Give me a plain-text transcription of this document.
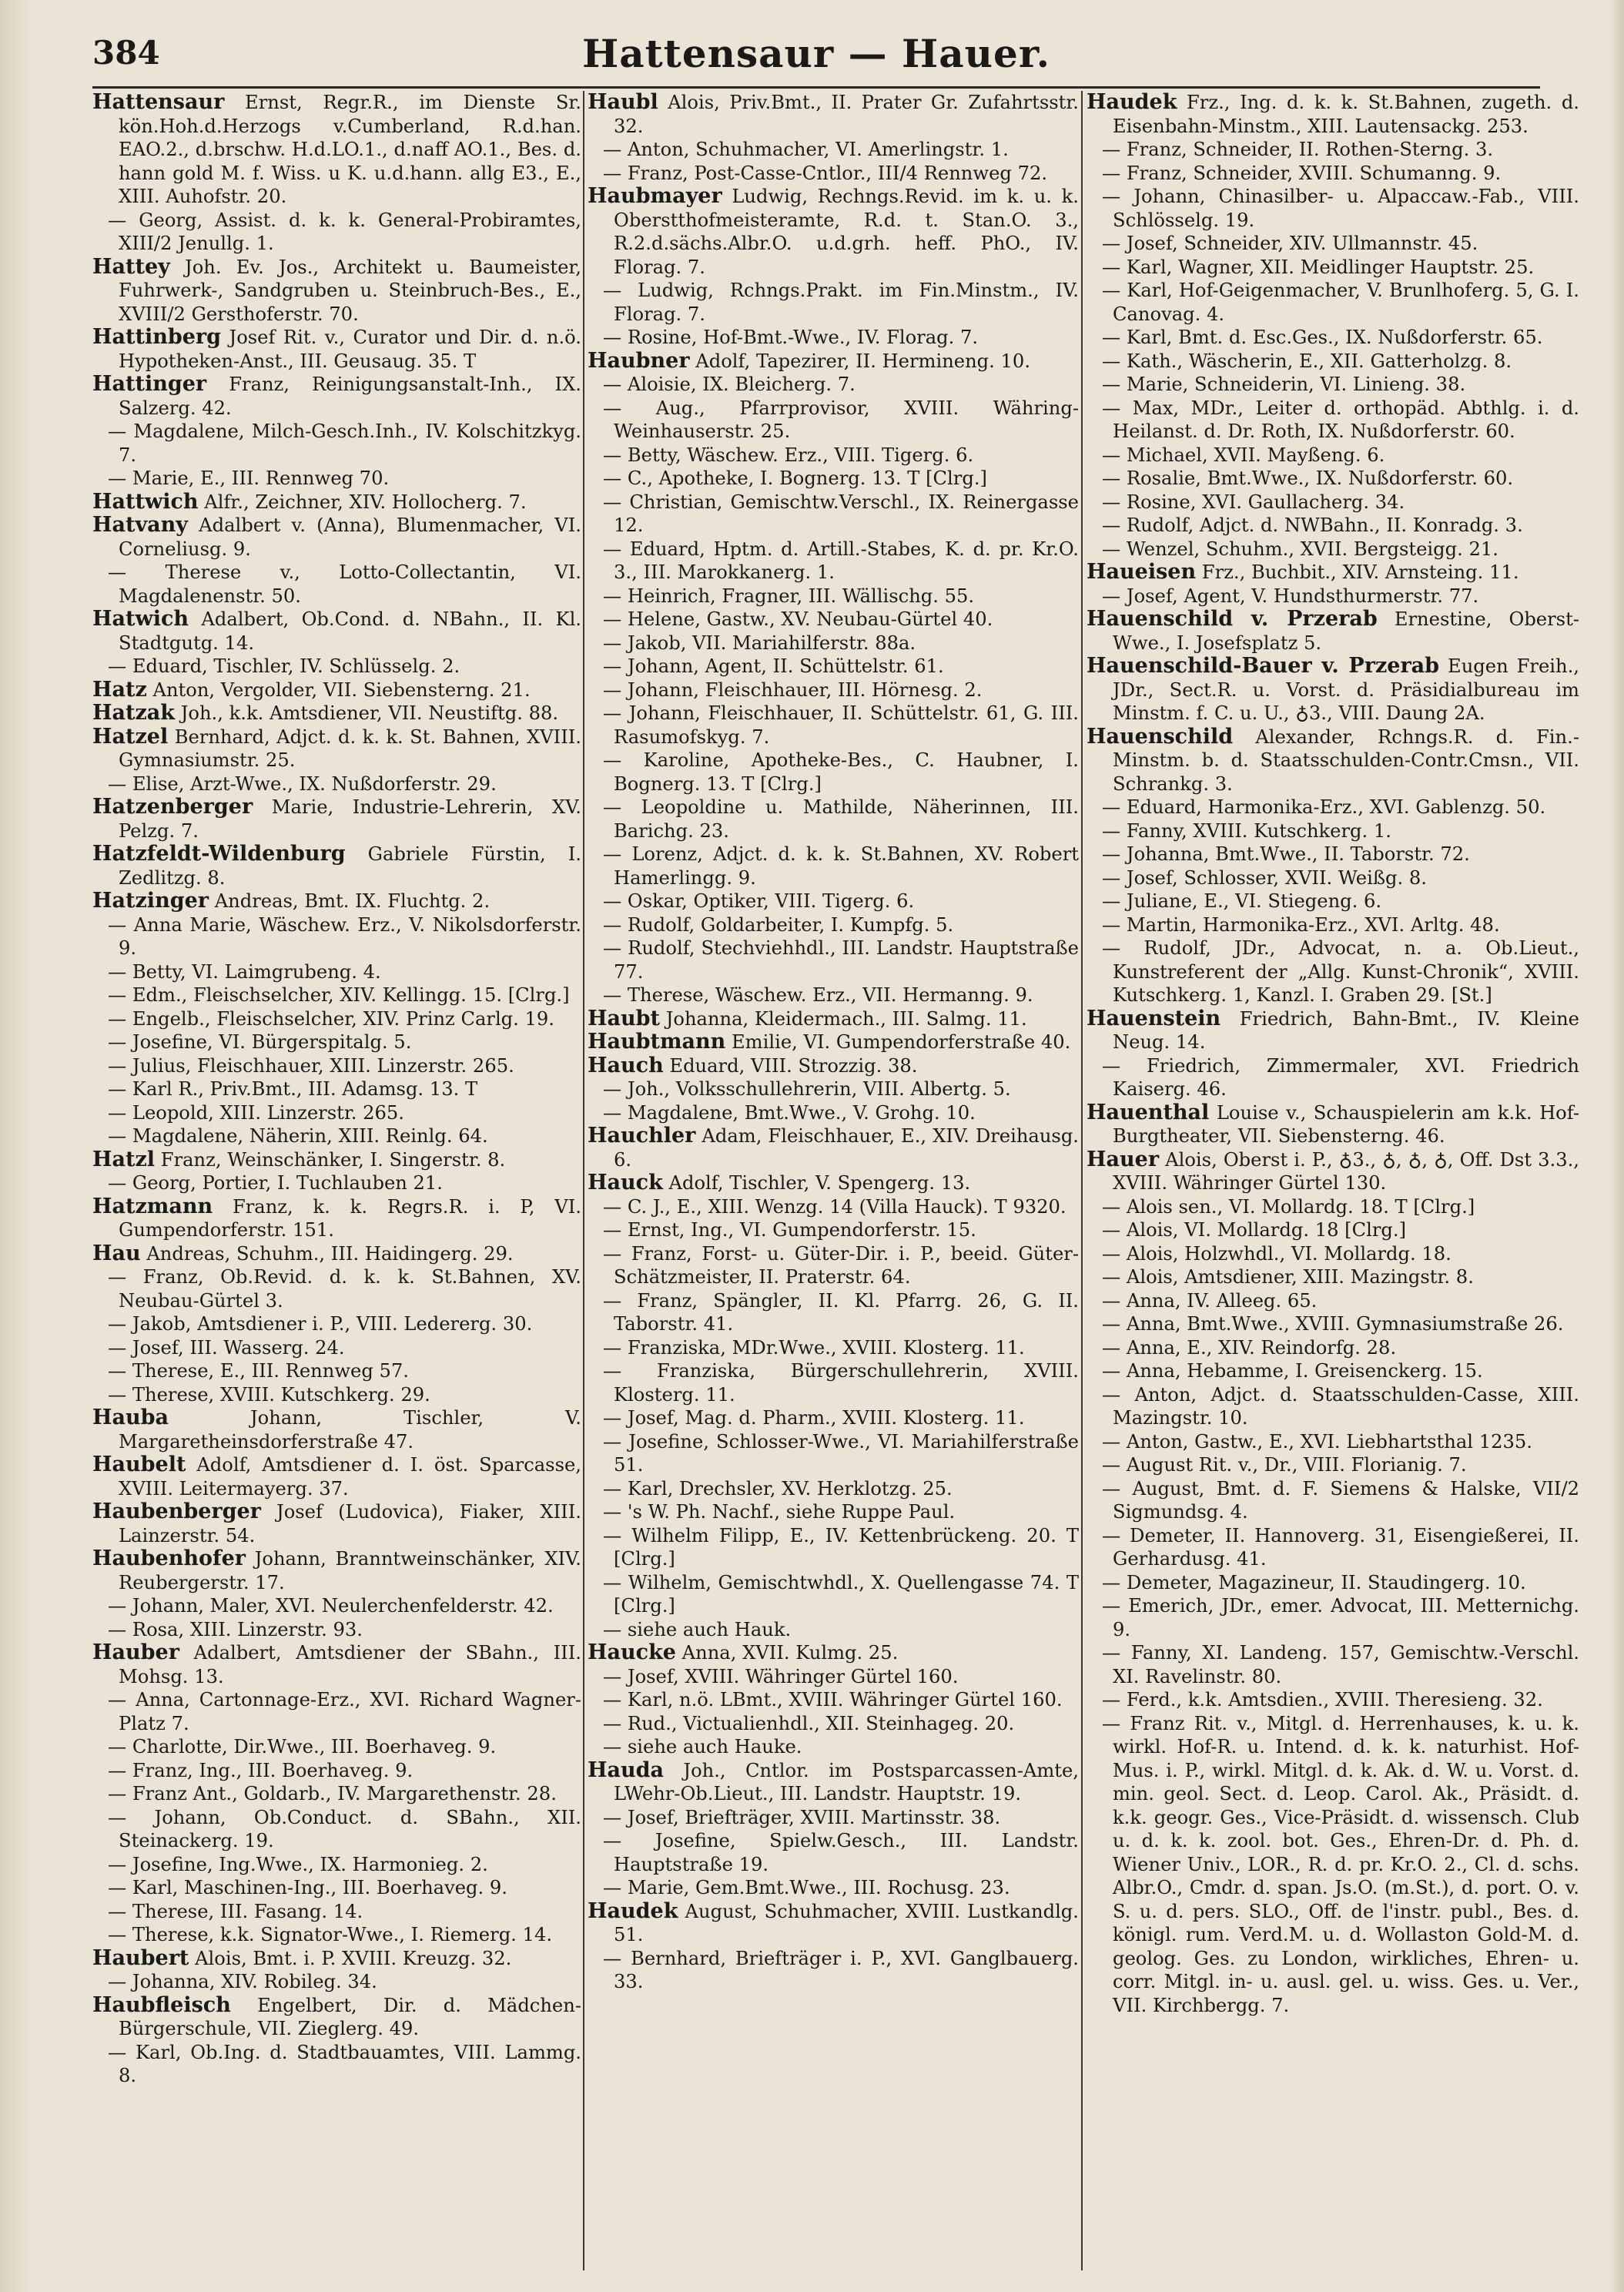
384	Hattensaur — Hauer.

Hattensaur Ernst, Regr.R., im Dienste Sr. kön.Hoh.d.Herzogs v.Cumberland, R.d.han. EAO.2., d.brschw. H.d.LO.1., d.naff AO.1., Bes. d. hann gold M. f. Wiss. u K. u.d.hann. allg E3., E., XIII. Auhofstr. 20.

— Georg, Assist. d. k. k. General-Probiramtes, XIII/2 Jenullg. 1.

Hattey Joh. Ev. Jos., Architekt u. Baumeister, Fuhrwerk-, Sandgruben u. Steinbruch-Bes., E., XVIII/2 Gersthoferstr. 70.

Hattinberg Josef Rit. v., Curator und Dir. d. n.ö. Hypotheken-Anst., III. Geusaug. 35. T

Hattinger Franz, Reinigungsanstalt-Inh., IX. Salzerg. 42.

— Magdalene, Milch-Gesch.Inh., IV. Kolschitzkyg. 7.

— Marie, E., III. Rennweg 70.

Hattwich Alfr., Zeichner, XIV. Hollocherg. 7.

Hatvany Adalbert v. (Anna), Blumenmacher, VI. Corneliusg. 9.

— Therese v., Lotto-Collectantin, VI. Magdalenenstr. 50.

Hatwich Adalbert, Ob.Cond. d. NBahn., II. Kl. Stadtgutg. 14.

— Eduard, Tischler, IV. Schlüsselg. 2.

Hatz Anton, Vergolder, VII. Siebensterng. 21.

Hatzak Joh., k.k. Amtsdiener, VII. Neustiftg. 88.

Hatzel Bernhard, Adjct. d. k. k. St. Bahnen, XVIII. Gymnasiumstr. 25.

— Elise, Arzt-Wwe., IX. Nußdorferstr. 29.

Hatzenberger Marie, Industrie-Lehrerin, XV. Pelzg. 7.

Hatzfeldt-Wildenburg Gabriele Fürstin, I. Zedlitzg. 8.

Hatzinger Andreas, Bmt. IX. Fluchtg. 2.

— Anna Marie, Wäschew. Erz., V. Nikolsdorferstr. 9.

— Betty, VI. Laimgrubeng. 4.

— Edm., Fleischselcher, XIV. Kellingg. 15. [Clrg.]

— Engelb., Fleischselcher, XIV. Prinz Carlg. 19.

— Josefine, VI. Bürgerspitalg. 5.

— Julius, Fleischhauer, XIII. Linzerstr. 265.

— Karl R., Priv.Bmt., III. Adamsg. 13. T

— Leopold, XIII. Linzerstr. 265.

— Magdalene, Näherin, XIII. Reinlg. 64.

Hatzl Franz, Weinschänker, I. Singerstr. 8.

— Georg, Portier, I. Tuchlauben 21.

Hatzmann Franz, k. k. Regrs.R. i. P, VI. Gumpendorferstr. 151.

Hau Andreas, Schuhm., III. Haidingerg. 29.

— Franz, Ob.Revid. d. k. k. St.Bahnen, XV. Neubau-Gürtel 3.

— Jakob, Amtsdiener i. P., VIII. Ledererg. 30.

— Josef, III. Wasserg. 24.

— Therese, E., III. Rennweg 57.

— Therese, XVIII. Kutschkerg. 29.

Hauba	Johann, Tischler, V. Margaretheinsdorferstraße 47.

Haubelt Adolf, Amtsdiener d. I. öst. Sparcasse, XVIII. Leitermayerg. 37.

Haubenberger Josef (Ludovica), Fiaker, XIII. Lainzerstr. 54.

Haubenhofer Johann, Branntweinschänker, XIV. Reubergerstr. 17.

— Johann, Maler, XVI. Neulerchenfelderstr. 42.

— Rosa, XIII. Linzerstr. 93.

Hauber Adalbert, Amtsdiener der SBahn., III. Mohsg. 13.

— Anna, Cartonnage-Erz., XVI. Richard Wagner-Platz 7.

— Charlotte, Dir.Wwe., III. Boerhaveg. 9.

— Franz, Ing., III. Boerhaveg. 9.

— Franz Ant., Goldarb., IV. Margarethenstr. 28.

— Johann, Ob.Conduct. d. SBahn., XII. Steinackerg. 19.

— Josefine, Ing.Wwe., IX. Harmonieg. 2.

— Karl, Maschinen-Ing., III. Boerhaveg. 9.

— Therese, III. Fasang. 14.

— Therese, k.k. Signator-Wwe., I. Riemerg. 14.

Haubert Alois, Bmt. i. P. XVIII. Kreuzg. 32.

— Johanna, XIV. Robileg. 34.

Haubfleisch Engelbert, Dir. d. Mädchen-Bürgerschule, VII. Zieglerg. 49.

— Karl, Ob.Ing. d. Stadtbauamtes, VIII. Lammg. 8.

Haubl Alois, Priv.Bmt., II. Prater Gr. Zufahrtsstr. 32.

— Anton, Schuhmacher, VI. Amerlingstr. 1.

— Franz, Post-Casse-Cntlor., III/4 Rennweg 72.

Haubmayer Ludwig, Rechngs.Revid. im k. u. k. Oberstthofmeisteramte, R.d. t. Stan.O. 3., R.2.d.sächs.Albr.O. u.d.grh. heff. PhO., IV. Florag. 7.

— Ludwig, Rchngs.Prakt. im Fin.Minstm., IV. Florag. 7.

— Rosine, Hof-Bmt.-Wwe., IV. Florag. 7.

Haubner Adolf, Tapezirer, II. Hermineng. 10.

— Aloisie, IX. Bleicherg. 7.

— Aug., Pfarrprovisor, XVIII. Währing-Weinhauserstr. 25.

— Betty, Wäschew. Erz., VIII. Tigerg. 6.

— C., Apotheke, I. Bognerg. 13. T [Clrg.]

— Christian, Gemischtw.Verschl., IX. Reinergasse 12.

— Eduard, Hptm. d. Artill.-Stabes, K. d. pr. Kr.O. 3., III. Marokkanerg. 1.

— Heinrich, Fragner, III. Wällischg. 55.

— Helene, Gastw., XV. Neubau-Gürtel 40.

— Jakob, VII. Mariahilferstr. 88a.

— Johann, Agent, II. Schüttelstr. 61.

— Johann, Fleischhauer, III. Hörnesg. 2.

— Johann, Fleischhauer, II. Schüttelstr. 61, G. III. Rasumofskyg. 7.

— Karoline, Apotheke-Bes., C. Haubner, I. Bognerg. 13. T [Clrg.]

— Leopoldine u. Mathilde, Näherinnen, III. Barichg. 23.

— Lorenz, Adjct. d. k. k. St.Bahnen, XV. Robert Hamerlingg. 9.

— Oskar, Optiker, VIII. Tigerg. 6.

— Rudolf, Goldarbeiter, I. Kumpfg. 5.

— Rudolf, Stechviehhdl., III. Landstr. Hauptstraße 77.

— Therese, Wäschew. Erz., VII. Hermanng. 9.

Haubt Johanna, Kleidermach., III. Salmg. 11.

Haubtmann Emilie, VI. Gumpendorferstraße 40.

Hauch Eduard, VIII. Strozzig. 38.

— Joh., Volksschullehrerin, VIII. Albertg. 5.

— Magdalene, Bmt.Wwe., V. Grohg. 10.

Hauchler Adam, Fleischhauer, E., XIV. Dreihausg. 6.

Hauck Adolf, Tischler, V. Spengerg. 13.

— C. J., E., XIII. Wenzg. 14 (Villa Hauck). T 9320.

— Ernst, Ing., VI. Gumpendorferstr. 15.

— Franz, Forst- u. Güter-Dir. i. P., beeid. Güter-Schätzmeister, II. Praterstr. 64.

— Franz, Spängler, II. Kl. Pfarrg. 26, G. II. Taborstr. 41.

— Franziska, MDr.Wwe., XVIII. Klosterg. 11.

— Franziska, Bürgerschullehrerin, XVIII. Klosterg. 11.

— Josef, Mag. d. Pharm., XVIII. Klosterg. 11.

— Josefine, Schlosser-Wwe., VI. Mariahilferstraße 51.

— Karl, Drechsler, XV. Herklotzg. 25.

— 's W. Ph. Nachf., siehe Ruppe Paul.

— Wilhelm Filipp, E., IV. Kettenbrückeng. 20. T [Clrg.]

— Wilhelm, Gemischtwhdl., X. Quellengasse 74. T [Clrg.]

— siehe auch Hauk.

Haucke Anna, XVII. Kulmg. 25.

— Josef, XVIII. Währinger Gürtel 160.

— Karl, n.ö. LBmt., XVIII. Währinger Gürtel 160.

— Rud., Victualienhdl., XII. Steinhageg. 20.

— siehe auch Hauke.

Hauda Joh., Cntlor. im Postsparcassen-Amte, LWehr-Ob.Lieut., III. Landstr. Hauptstr. 19.

— Josef, Briefträger, XVIII. Martinsstr. 38.

— Josefine, Spielw.Gesch., III. Landstr. Hauptstraße 19.

— Marie, Gem.Bmt.Wwe., III. Rochusg. 23.

Haudek August, Schuhmacher, XVIII. Lustkandlg. 51.

— Bernhard, Briefträger i. P., XVI. Ganglbauerg. 33.

Haudek Frz., Ing. d. k. k. St.Bahnen, zugeth. d. Eisenbahn-Minstm., XIII. Lautensackg. 253.

— Franz, Schneider, II. Rothen-Sterng. 3.

— Franz, Schneider, XVIII. Schumanng. 9.

— Johann, Chinasilber- u. Alpaccaw.-Fab., VIII. Schlösselg. 19.

— Josef, Schneider, XIV. Ullmannstr. 45.

— Karl, Wagner, XII. Meidlinger Hauptstr. 25.

— Karl, Hof-Geigenmacher, V. Brunlhoferg. 5, G. I. Canovag. 4.

— Karl, Bmt. d. Esc.Ges., IX. Nußdorferstr. 65.

— Kath., Wäscherin, E., XII. Gatterholzg. 8.

— Marie, Schneiderin, VI. Linieng. 38.

— Max, MDr., Leiter d. orthopäd. Abthlg. i. d. Heilanst. d. Dr. Roth, IX. Nußdorferstr. 60.

— Michael, XVII. Mayßeng. 6.

— Rosalie, Bmt.Wwe., IX. Nußdorferstr. 60.

— Rosine, XVI. Gaullacherg. 34.

— Rudolf, Adjct. d. NWBahn., II. Konradg. 3.

— Wenzel, Schuhm., XVII. Bergsteigg. 21.

Haueisen Frz., Buchbit., XIV. Arnsteing. 11.

— Josef, Agent, V. Hundsthurmerstr. 77.

Hauenschild v. Przerab Ernestine, Oberst-Wwe., I. Josefsplatz 5.

Hauenschild-Bauer v. Przerab Eugen Freih., JDr., Sect.R. u. Vorst. d. Präsidialbureau im Minstm. f. C. u. U., ♁3., VIII. Daung 2A.

Hauenschild Alexander, Rchngs.R. d. Fin.-Minstm. b. d. Staatsschulden-Contr.Cmsn., VII. Schrankg. 3.

— Eduard, Harmonika-Erz., XVI. Gablenzg. 50.

— Fanny, XVIII. Kutschkerg. 1.

— Johanna, Bmt.Wwe., II. Taborstr. 72.

— Josef, Schlosser, XVII. Weißg. 8.

— Juliane, E., VI. Stiegeng. 6.

— Martin, Harmonika-Erz., XVI. Arltg. 48.

— Rudolf, JDr., Advocat, n. a. Ob.Lieut., Kunstreferent der „Allg. Kunst-Chronik“, XVIII. Kutschkerg. 1, Kanzl. I. Graben 29. [St.]

Hauenstein Friedrich, Bahn-Bmt., IV. Kleine Neug. 14.

— Friedrich, Zimmermaler, XVI. Friedrich Kaiserg. 46.

Hauenthal Louise v., Schauspielerin am k.k. Hof-Burgtheater, VII. Siebensterng. 46.

Hauer Alois, Oberst i. P., ♁3., ♁, ♁, ♁, Off. Dst 3.3., XVIII. Währinger Gürtel 130.

— Alois sen., VI. Mollardg. 18. T [Clrg.]

— Alois, VI. Mollardg. 18 [Clrg.]

— Alois, Holzwhdl., VI. Mollardg. 18.

— Alois, Amtsdiener, XIII. Mazingstr. 8.

— Anna, IV. Alleeg. 65.

— Anna, Bmt.Wwe., XVIII. Gymnasiumstraße 26.

— Anna, E., XIV. Reindorfg. 28.

— Anna, Hebamme, I. Greisenckerg. 15.

— Anton, Adjct. d. Staatsschulden-Casse, XIII. Mazingstr. 10.

— Anton, Gastw., E., XVI. Liebhartsthal 1235.

— August Rit. v., Dr., VIII. Florianig. 7.

— August, Bmt. d. F. Siemens & Halske, VII/2 Sigmundsg. 4.

— Demeter, II. Hannoverg. 31, Eisengießerei, II. Gerhardusg. 41.

— Demeter, Magazineur, II. Staudingerg. 10.

— Emerich, JDr., emer. Advocat, III. Metternichg. 9.

— Fanny, XI. Landeng. 157, Gemischtw.-Verschl. XI. Ravelinstr. 80.

— Ferd., k.k. Amtsdien., XVIII. Theresieng. 32.

— Franz Rit. v., Mitgl. d. Herrenhauses, k. u. k. wirkl. Hof-R. u. Intend. d. k. k. naturhist. Hof-Mus. i. P., wirkl. Mitgl. d. k. Ak. d. W. u. Vorst. d. min. geol. Sect. d. Leop. Carol. Ak., Präsidt. d. k.k. geogr. Ges., Vice-Präsidt. d. wissensch. Club u. d. k. k. zool. bot. Ges., Ehren-Dr. d. Ph. d. Wiener Univ., LOR., R. d. pr. Kr.O. 2., Cl. d. schs. Albr.O., Cmdr. d. span. Js.O. (m.St.), d. port. O. v. S. u. d. pers. SLO., Off. de l'instr. publ., Bes. d. königl. rum. Verd.M. u. d. Wollaston Gold-M. d. geolog. Ges. zu London, wirkliches, Ehren- u. corr. Mitgl. in- u. ausl. gel. u. wiss. Ges. u. Ver., VII. Kirchbergg. 7.
